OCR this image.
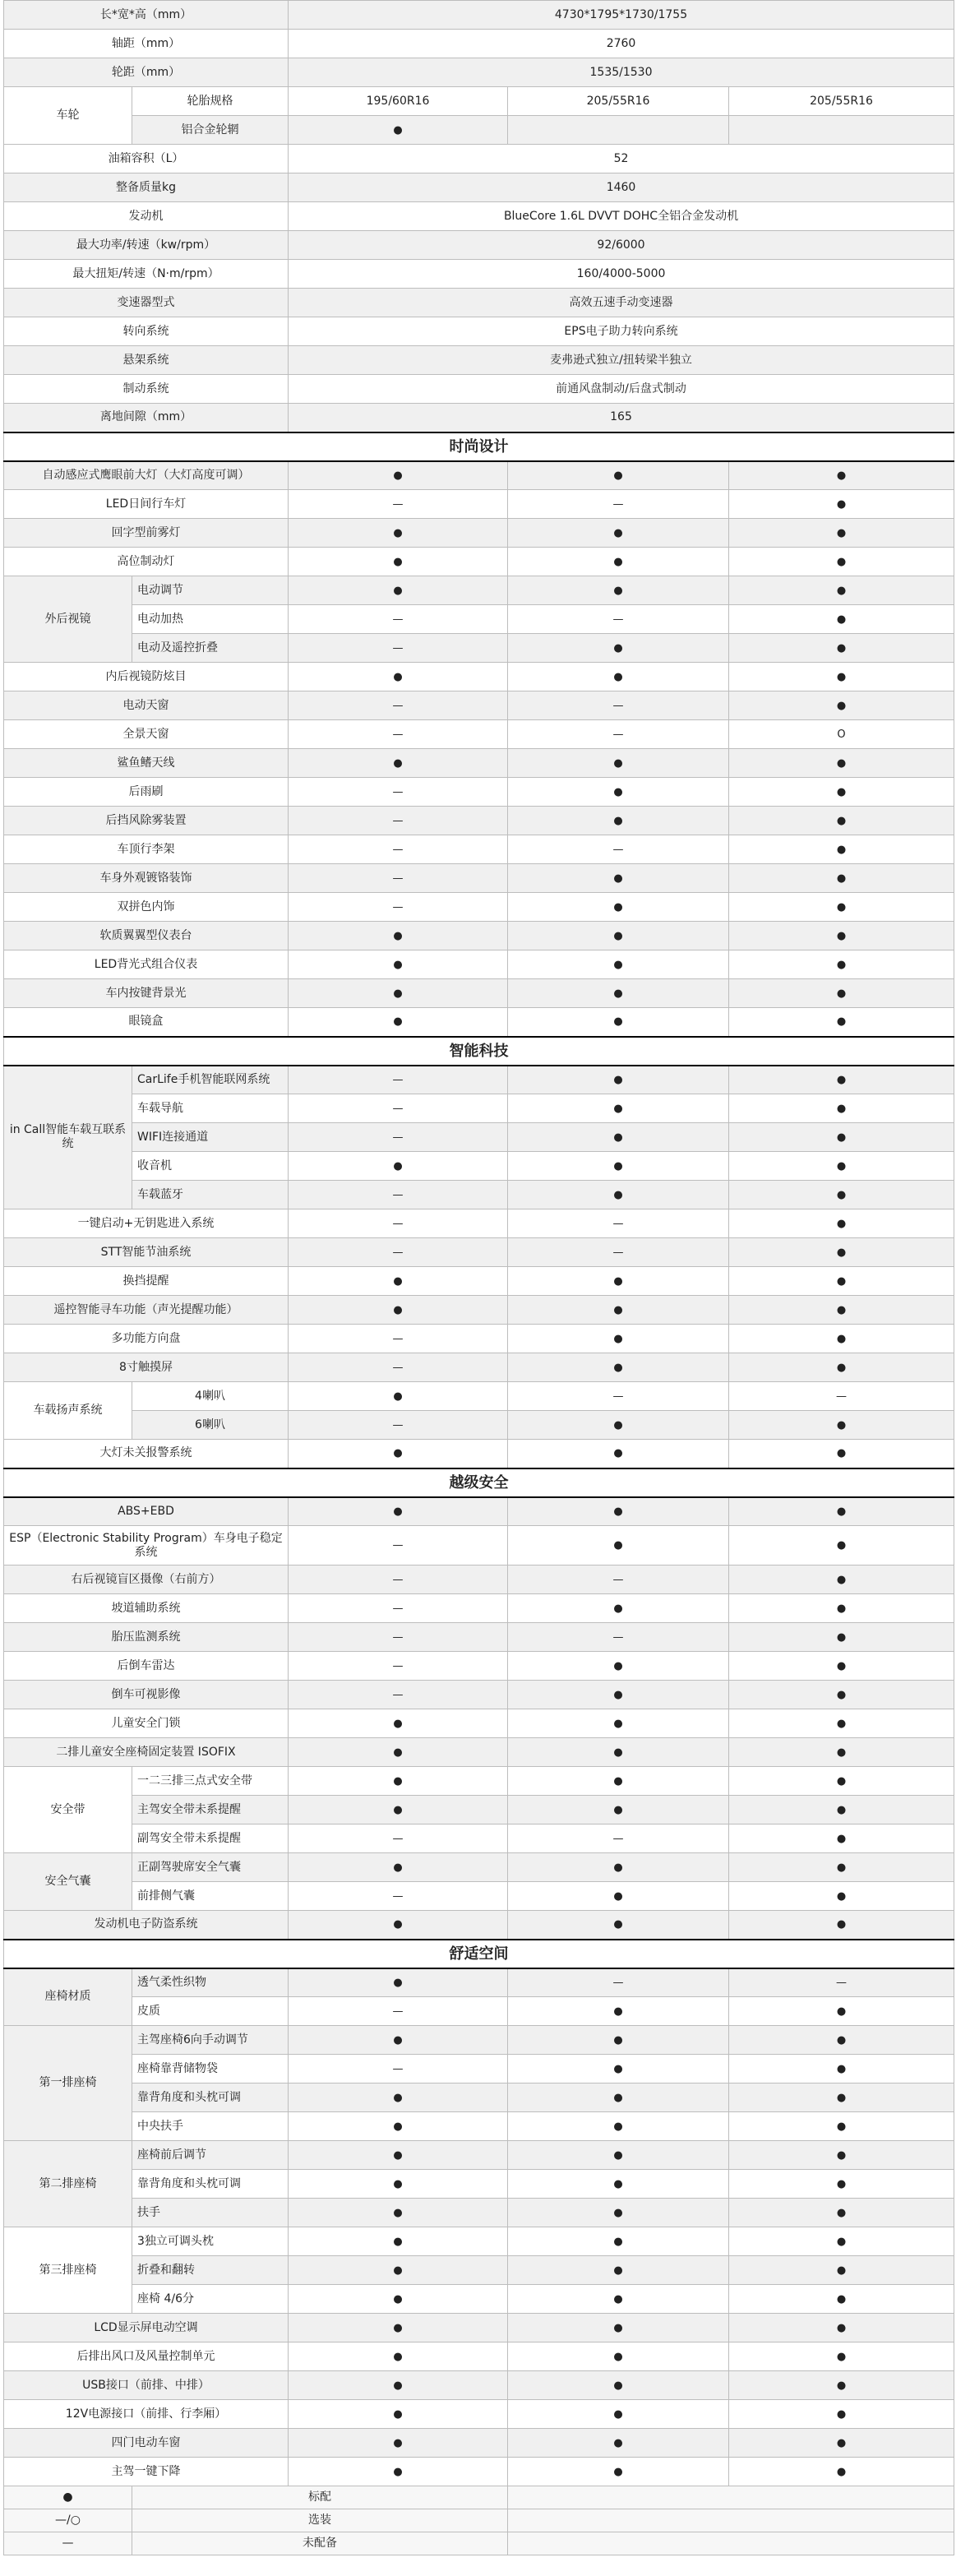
长*宽*高（mm）		4730*1795*1730/1755		
轴距（mm）		2760		
轮距（mm）		1535/1530		
车轮	轮胎规格	195/60R16	205/55R16	205/55R16
	铝合金轮辋	●		
油箱容积（L）		52		
整备质量kg		1460		
发动机		BlueCore 1.6L DVVT DOHC全铝合金发动机		
最大功率/转速（kw/rpm）		92/6000		
最大扭矩/转速（N·m/rpm）		160/4000-5000		
变速器型式		高效五速手动变速器		
转向系统		EPS电子助力转向系统		
悬架系统		麦弗逊式独立/扭转梁半独立		
制动系统		前通风盘制动/后盘式制动		
离地间隙（mm）		165		
时尚设计				
自动感应式鹰眼前大灯（大灯高度可调）		●	●	●
LED日间行车灯		—	—	●
回字型前雾灯		●	●	●
高位制动灯		●	●	●
外后视镜	电动调节	●	●	●
	电动加热	—	—	●
	电动及遥控折叠	—	●	●
内后视镜防炫目		●	●	●
电动天窗		—	—	●
全景天窗		—	—	O
鲨鱼鳍天线		●	●	●
后雨刷		—	●	●
后挡风除雾装置		—	●	●
车顶行李架		—	—	●
车身外观镀铬装饰		—	●	●
双拼色内饰		—	●	●
软质翼翼型仪表台		●	●	●
LED背光式组合仪表		●	●	●
车内按键背景光		●	●	●
眼镜盒		●	●	●
智能科技				
in Call智能车载互联系统	CarLife手机智能联网系统	—	●	●
	车载导航	—	●	●
	WIFI连接通道	—	●	●
	收音机	●	●	●
	车载蓝牙	—	●	●
一键启动+无钥匙进入系统		—	—	●
STT智能节油系统		—	—	●
换挡提醒		●	●	●
遥控智能寻车功能（声光提醒功能）		●	●	●
多功能方向盘		—	●	●
8寸触摸屏		—	●	●
车载扬声系统	4喇叭	●	—	—
	6喇叭	—	●	●
大灯未关报警系统		●	●	●
越级安全				
ABS+EBD		●	●	●
ESP（Electronic Stability Program）车身电子稳定系统		—	●	●
右后视镜盲区摄像（右前方）		—	—	●
坡道辅助系统		—	●	●
胎压监测系统		—	—	●
后倒车雷达		—	●	●
倒车可视影像		—	●	●
儿童安全门锁		●	●	●
二排儿童安全座椅固定装置 ISOFIX		●	●	●
安全带	一二三排三点式安全带	●	●	●
	主驾安全带未系提醒	●	●	●
	副驾安全带未系提醒	—	—	●
安全气囊	正副驾驶席安全气囊	●	●	●
	前排侧气囊	—	●	●
发动机电子防盗系统		●	●	●
舒适空间				
座椅材质	透气柔性织物	●	—	—
	皮质	—	●	●
第一排座椅	主驾座椅6向手动调节	●	●	●
	座椅靠背储物袋	—	●	●
	靠背角度和头枕可调	●	●	●
	中央扶手	●	●	●
第二排座椅	座椅前后调节	●	●	●
	靠背角度和头枕可调	●	●	●
	扶手	●	●	●
第三排座椅	3独立可调头枕	●	●	●
	折叠和翻转	●	●	●
	座椅 4/6分	●	●	●
LCD显示屏电动空调		●	●	●
后排出风口及风量控制单元		●	●	●
USB接口（前排、中排）		●	●	●
12V电源接口（前排、行李厢）		●	●	●
四门电动车窗		●	●	●
主驾一键下降		●	●	●
●	标配			
—/○	选装			
—	未配备			
